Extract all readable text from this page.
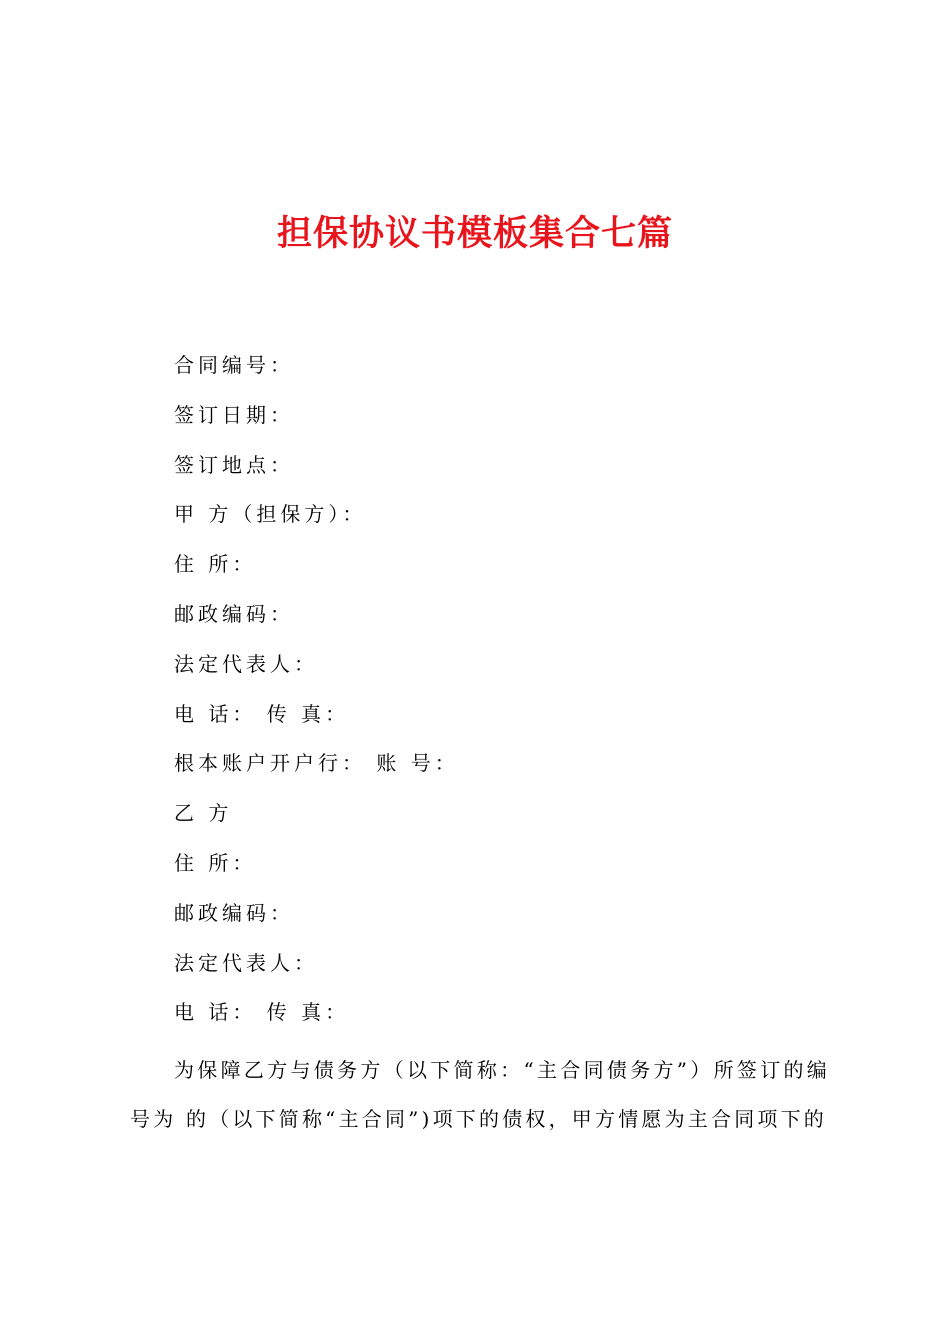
担保协议书模板集合七篇
合同编号：
签订日期：
签订地点：
甲 方（担保方）：
住 所：
邮政编码：
法定代表人：
电 话： 传 真：
根本账户开户行： 账 号：
乙 方
住 所：
邮政编码：
法定代表人：
电 话： 传 真：

为保障乙方与债务方（以下简称：“主合同债务方”）所签订的编号为 的（以下简称“主合同”)项下的债权，甲方情愿为主合同项下的
